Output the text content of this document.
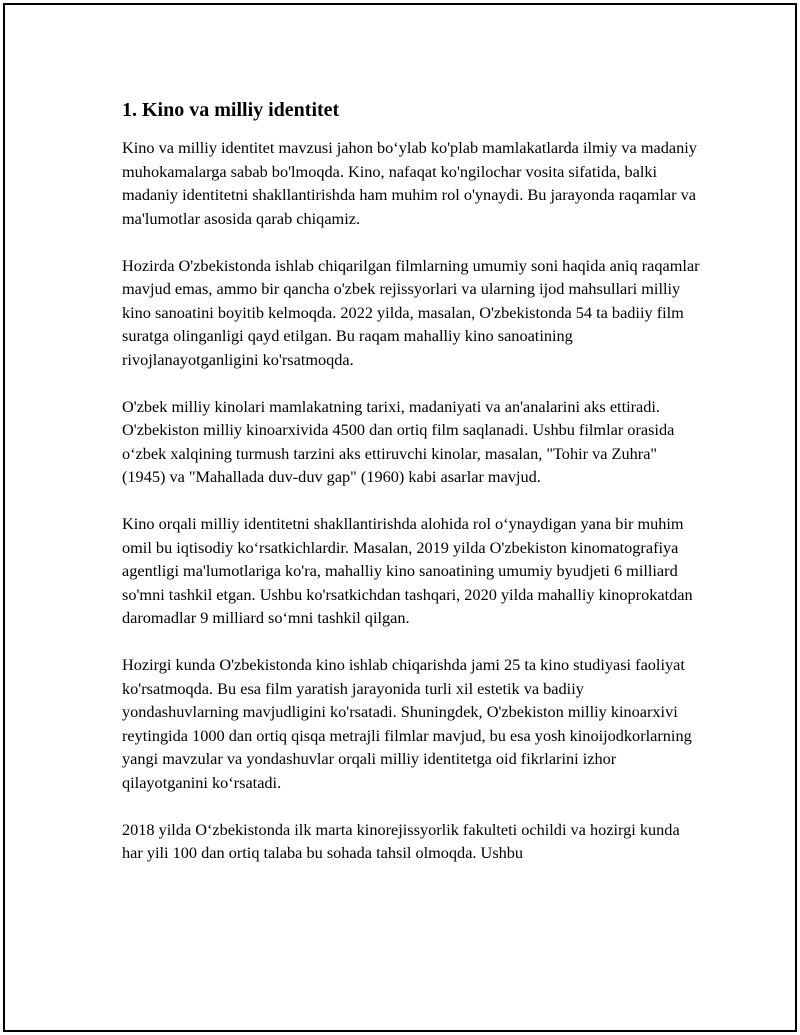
1. Kino va milliy identitet

Kino va milliy identitet mavzusi jahon bo‘ylab ko'plab mamlakatlarda ilmiy va madaniy muhokamalarga sabab bo'lmoqda. Kino, nafaqat ko'ngilochar vosita sifatida, balki madaniy identitetni shakllantirishda ham muhim rol o'ynaydi. Bu jarayonda raqamlar va ma'lumotlar asosida qarab chiqamiz.

Hozirda O'zbekistonda ishlab chiqarilgan filmlarning umumiy soni haqida aniq raqamlar mavjud emas, ammo bir qancha o'zbek rejissyorlari va ularning ijod mahsullari milliy kino sanoatini boyitib kelmoqda. 2022 yilda, masalan, O'zbekistonda 54 ta badiiy film suratga olinganligi qayd etilgan. Bu raqam mahalliy kino sanoatining rivojlanayotganligini ko'rsatmoqda.

O'zbek milliy kinolari mamlakatning tarixi, madaniyati va an'analarini aks ettiradi. O'zbekiston milliy kinoarxivida 4500 dan ortiq film saqlanadi. Ushbu filmlar orasida o‘zbek xalqining turmush tarzini aks ettiruvchi kinolar, masalan, "Tohir va Zuhra" (1945) va "Mahallada duv-duv gap" (1960) kabi asarlar mavjud.

Kino orqali milliy identitetni shakllantirishda alohida rol o‘ynaydigan yana bir muhim omil bu iqtisodiy ko‘rsatkichlardir. Masalan, 2019 yilda O'zbekiston kinomatografiya agentligi ma'lumotlariga ko'ra, mahalliy kino sanoatining umumiy byudjeti 6 milliard so'mni tashkil etgan. Ushbu ko'rsatkichdan tashqari, 2020 yilda mahalliy kinoprokatdan daromadlar 9 milliard so‘mni tashkil qilgan.

Hozirgi kunda O'zbekistonda kino ishlab chiqarishda jami 25 ta kino studiyasi faoliyat ko'rsatmoqda. Bu esa film yaratish jarayonida turli xil estetik va badiiy yondashuvlarning mavjudligini ko'rsatadi. Shuningdek, O'zbekiston milliy kinoarxivi reytingida 1000 dan ortiq qisqa metrajli filmlar mavjud, bu esa yosh kinoijodkorlarning yangi mavzular va yondashuvlar orqali milliy identitetga oid fikrlarini izhor qilayotganini ko‘rsatadi.

2018 yilda O‘zbekistonda ilk marta kinorejissyorlik fakulteti ochildi va hozirgi kunda har yili 100 dan ortiq talaba bu sohada tahsil olmoqda. Ushbu
